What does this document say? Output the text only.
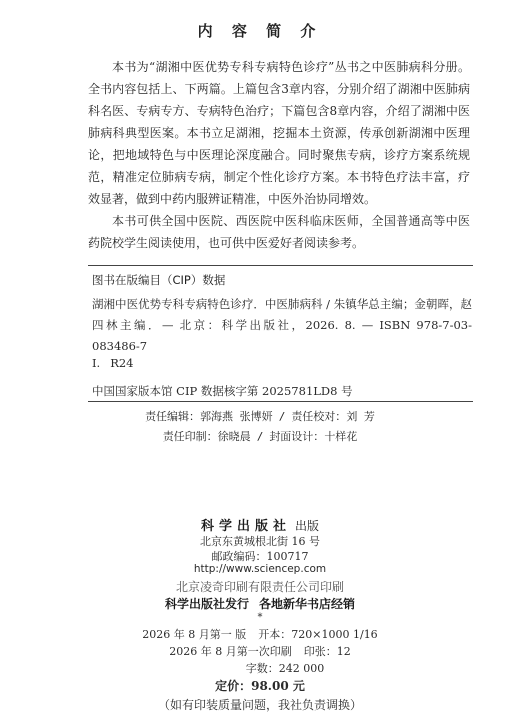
内 容 简 介

本书为“湖湘中医优势专科专病特色诊疗”丛书之中医肺病科分册。全书内容包括上、下两篇。上篇包含3章内容，分别介绍了湖湘中医肺病科名医、专病专方、专病特色治疗；下篇包含8章内容，介绍了湖湘中医肺病科典型医案。本书立足湖湘，挖掘本土资源，传承创新湖湘中医理论，把地域特色与中医理论深度融合。同时聚焦专病，诊疗方案系统规范，精准定位肺病专病，制定个性化诊疗方案。本书特色疗法丰富，疗效显著，做到中药内服辨证精准，中医外治协同增效。

本书可供全国中医院、西医院中医科临床医师，全国普通高等中医药院校学生阅读使用，也可供中医爱好者阅读参考。

图书在版编目（CIP）数据
湖湘中医优势专科专病特色诊疗．中医肺病科 / 朱镇华总主编；金朝晖，赵四林主编．— 北京：科学出版社，2026. 8. — ISBN 978-7-03-083486-7
Ⅰ. R24
中国国家版本馆 CIP 数据核字第 2025781LD8 号
责任编辑：郭海燕 张博妍 / 责任校对：刘 芳
责任印制：徐晓晨 / 封面设计：十样花
科学出版社 出版
北京东黄城根北街 16 号
邮政编码：100717
http://www.sciencep.com
北京凌奇印刷有限责任公司印刷
科学出版社发行 各地新华书店经销
*
2026 年 8 月第一 版 开本：720×1000 1/16
2026 年 8 月第一次印刷 印张：12
字数：242 000
定价：98.00 元
（如有印装质量问题，我社负责调换）
